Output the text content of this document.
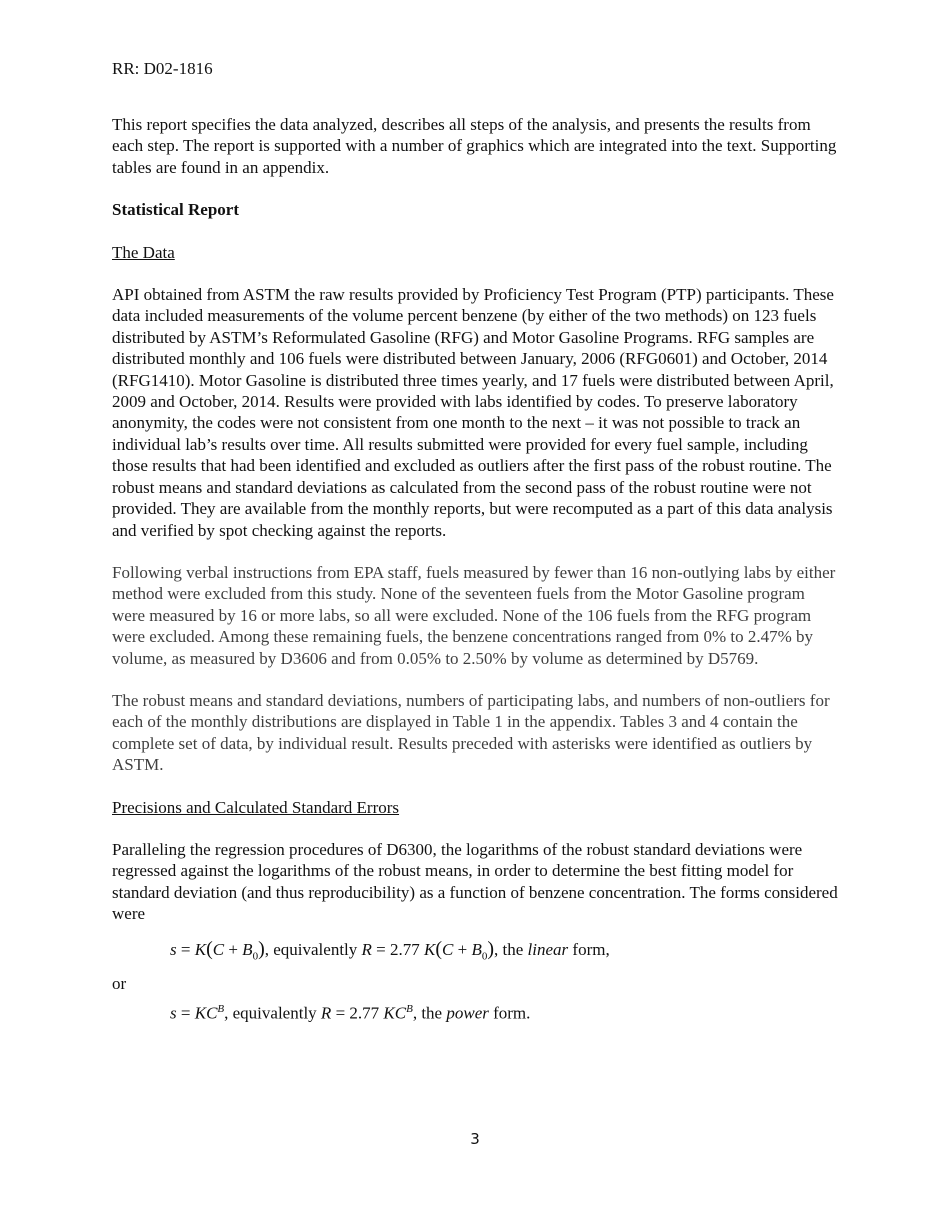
RR: D02-1816

This report specifies the data analyzed, describes all steps of the analysis, and presents the results from each step. The report is supported with a number of graphics which are integrated into the text. Supporting tables are found in an appendix.

Statistical Report

The Data

API obtained from ASTM the raw results provided by Proficiency Test Program (PTP) participants. These data included measurements of the volume percent benzene (by either of the two methods) on 123 fuels distributed by ASTM’s Reformulated Gasoline (RFG) and Motor Gasoline Programs. RFG samples are distributed monthly and 106 fuels were distributed between January, 2006 (RFG0601) and October, 2014 (RFG1410). Motor Gasoline is distributed three times yearly, and 17 fuels were distributed between April, 2009 and October, 2014. Results were provided with labs identified by codes. To preserve laboratory anonymity, the codes were not consistent from one month to the next – it was not possible to track an individual lab’s results over time. All results submitted were provided for every fuel sample, including those results that had been identified and excluded as outliers after the first pass of the robust routine. The robust means and standard deviations as calculated from the second pass of the robust routine were not provided. They are available from the monthly reports, but were recomputed as a part of this data analysis and verified by spot checking against the reports.

Following verbal instructions from EPA staff, fuels measured by fewer than 16 non-outlying labs by either method were excluded from this study. None of the seventeen fuels from the Motor Gasoline program were measured by 16 or more labs, so all were excluded. None of the 106 fuels from the RFG program were excluded. Among these remaining fuels, the benzene concentrations ranged from 0% to 2.47% by volume, as measured by D3606 and from 0.05% to 2.50% by volume as determined by D5769.

The robust means and standard deviations, numbers of participating labs, and numbers of non-outliers for each of the monthly distributions are displayed in Table 1 in the appendix. Tables 3 and 4 contain the complete set of data, by individual result. Results preceded with asterisks were identified as outliers by ASTM.

Precisions and Calculated Standard Errors

Paralleling the regression procedures of D6300, the logarithms of the robust standard deviations were regressed against the logarithms of the robust means, in order to determine the best fitting model for standard deviation (and thus reproducibility) as a function of benzene concentration. The forms considered were

$s = K(C + B_0)$, equivalently R = 2.77 $K(C + B_0)$, the linear form,
or
$s = KC^B$, equivalently R = 2.77 $KC^B$, the power form.
3
